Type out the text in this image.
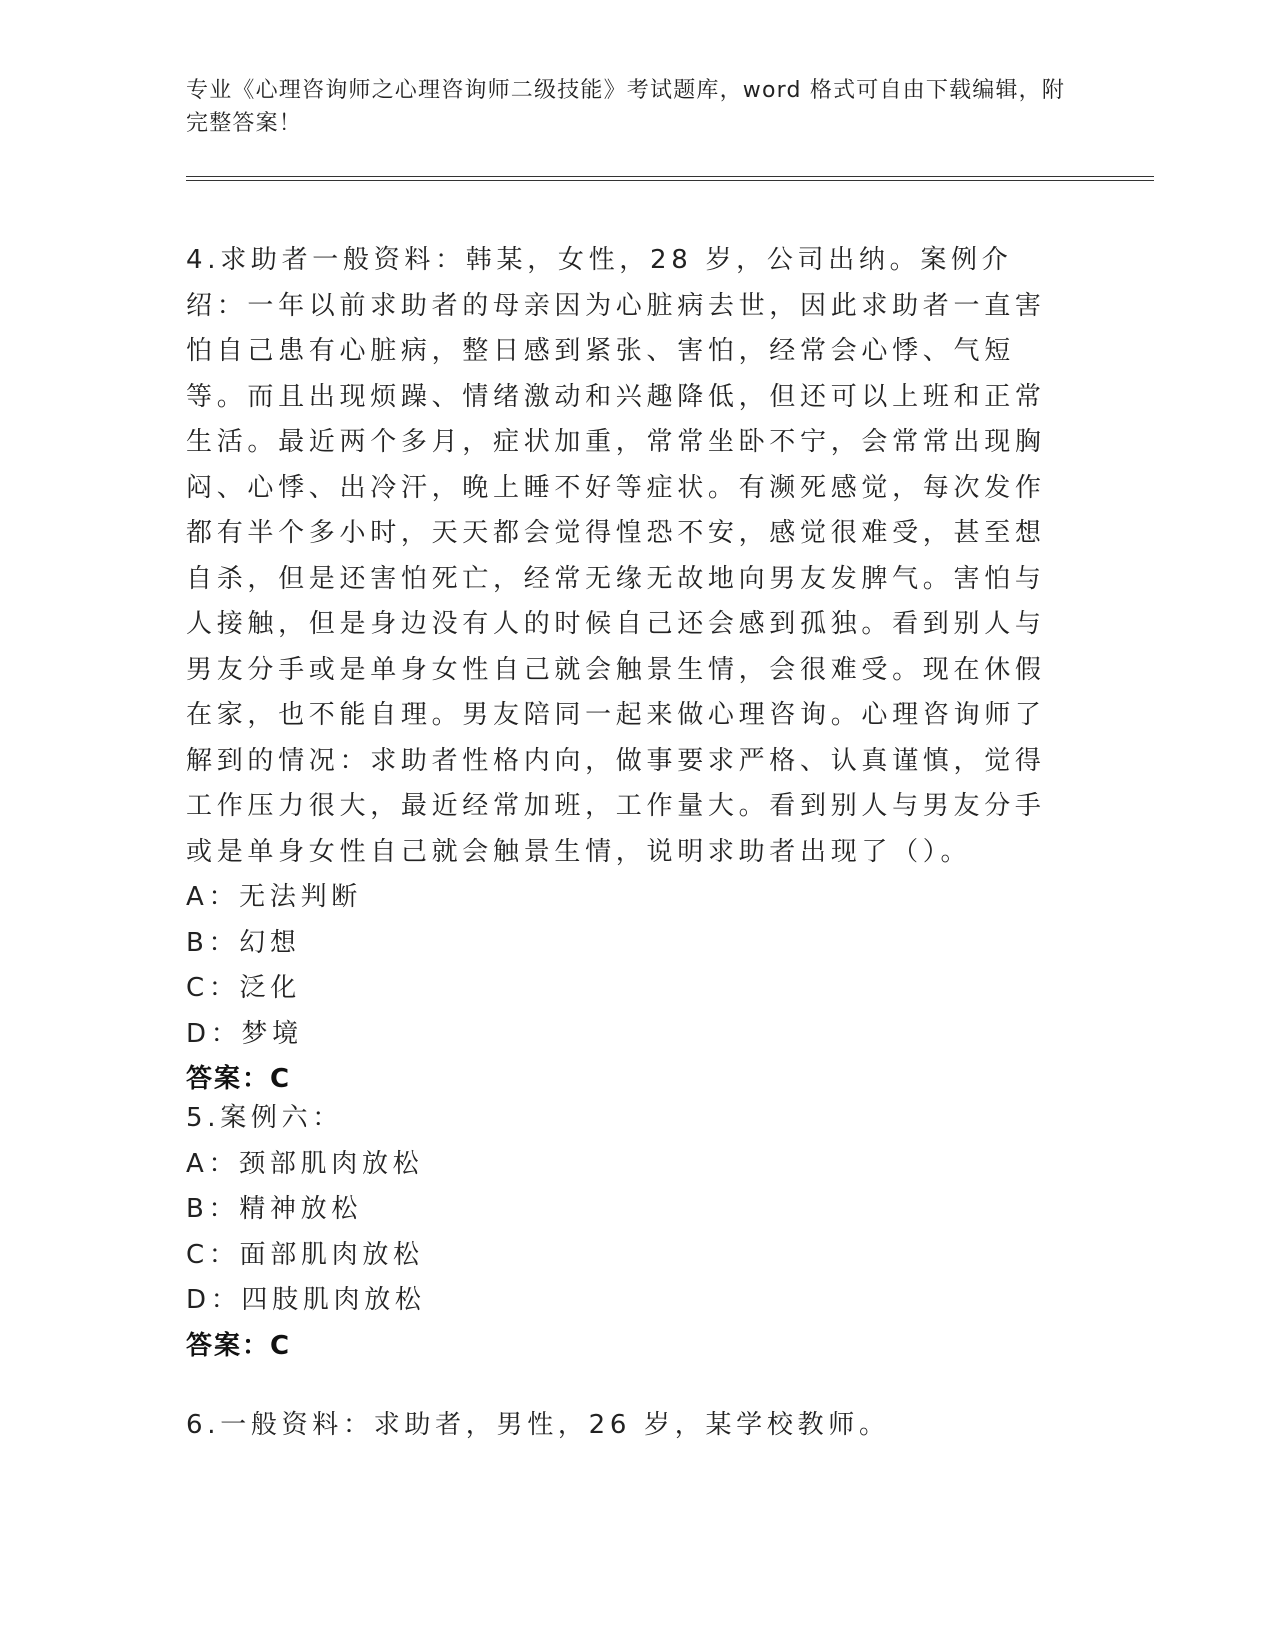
专业《心理咨询师之心理咨询师二级技能》考试题库，word 格式可自由下载编辑，附完整答案！
4.求助者一般资料：韩某，女性，28 岁，公司出纳。案例介绍：一年以前求助者的母亲因为心脏病去世，因此求助者一直害怕自己患有心脏病，整日感到紧张、害怕，经常会心悸、气短等。而且出现烦躁、情绪激动和兴趣降低，但还可以上班和正常生活。最近两个多月，症状加重，常常坐卧不宁，会常常出现胸闷、心悸、出冷汗，晚上睡不好等症状。有濒死感觉，每次发作都有半个多小时，天天都会觉得惶恐不安，感觉很难受，甚至想自杀，但是还害怕死亡，经常无缘无故地向男友发脾气。害怕与人接触，但是身边没有人的时候自己还会感到孤独。看到别人与男友分手或是单身女性自己就会触景生情，会很难受。现在休假在家，也不能自理。男友陪同一起来做心理咨询。心理咨询师了解到的情况：求助者性格内向，做事要求严格、认真谨慎，觉得工作压力很大，最近经常加班，工作量大。看到别人与男友分手或是单身女性自己就会触景生情，说明求助者出现了（）。
A：无法判断
B：幻想
C：泛化
D：梦境
答案：C
5.案例六：
A：颈部肌肉放松
B：精神放松
C：面部肌肉放松
D：四肢肌肉放松
答案：C
6.一般资料：求助者，男性，26 岁，某学校教师。
